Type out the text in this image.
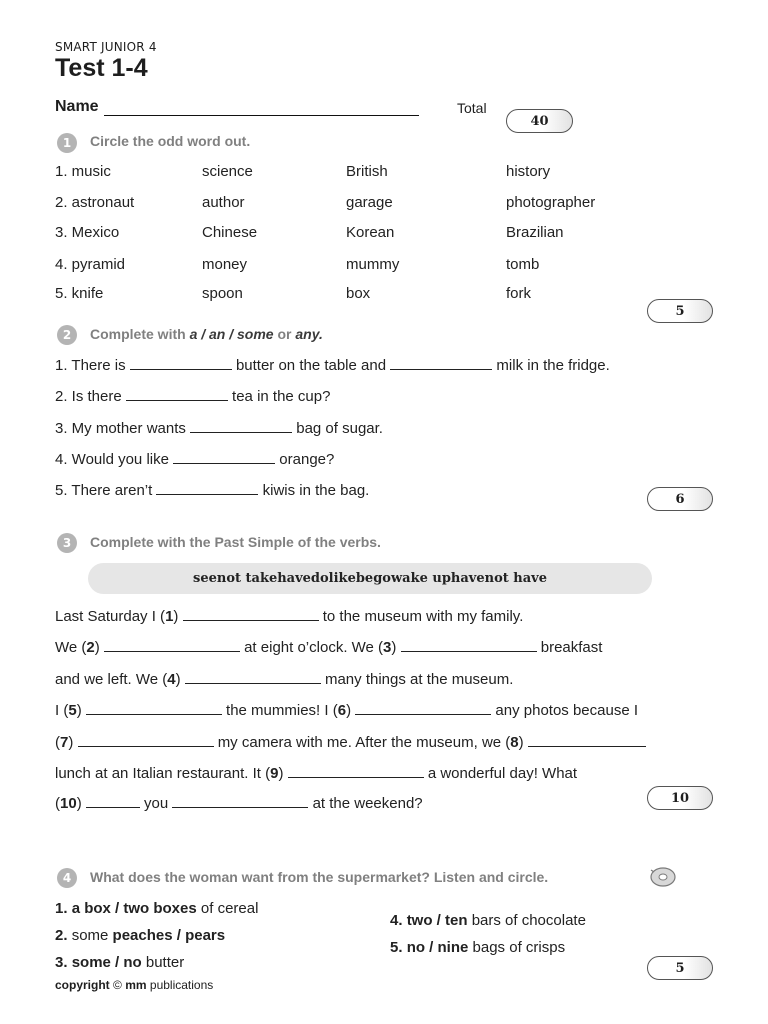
SMART JUNIOR 4
Test 1-4
Name	Total
40
1	Circle the odd word out.
1. music	science	British	history
2. astronaut	author	garage	photographer
3. Mexico	Chinese	Korean	Brazilian
4. pyramid	money	mummy	tomb
5. knife	spoon	box	fork
5
2	Complete with a / an / some or any.
1. There is	butter on the table and	milk in the fridge.
2. Is there	tea in the cup?
3. My mother wants	bag of sugar.
4. Would you like	orange?
5. There aren’t	kiwis in the bag.	6
3	Complete with the Past Simple of the verbs.
seenot takehavedolikebegowake uphavenot have
Last Saturday I (1)	to the museum with my family.
We (2)	at eight o’clock. We (3)	breakfast
and we left. We (4)	many things at the museum.
I (5)	the mummies! I (6)	any photos because I
(7)	my camera with me. After the museum, we (8)
lunch at an Italian restaurant. It (9)	a wonderful day! What
(10)	you	at the weekend?	10
4	What does the woman want from the supermarket? Listen and circle.
1. a box / two boxes of cereal
2. some peaches / pears
3. some / no butter
4. two / ten bars of chocolate
5. no / nine bags of crisps
5
copyright © mm publications
